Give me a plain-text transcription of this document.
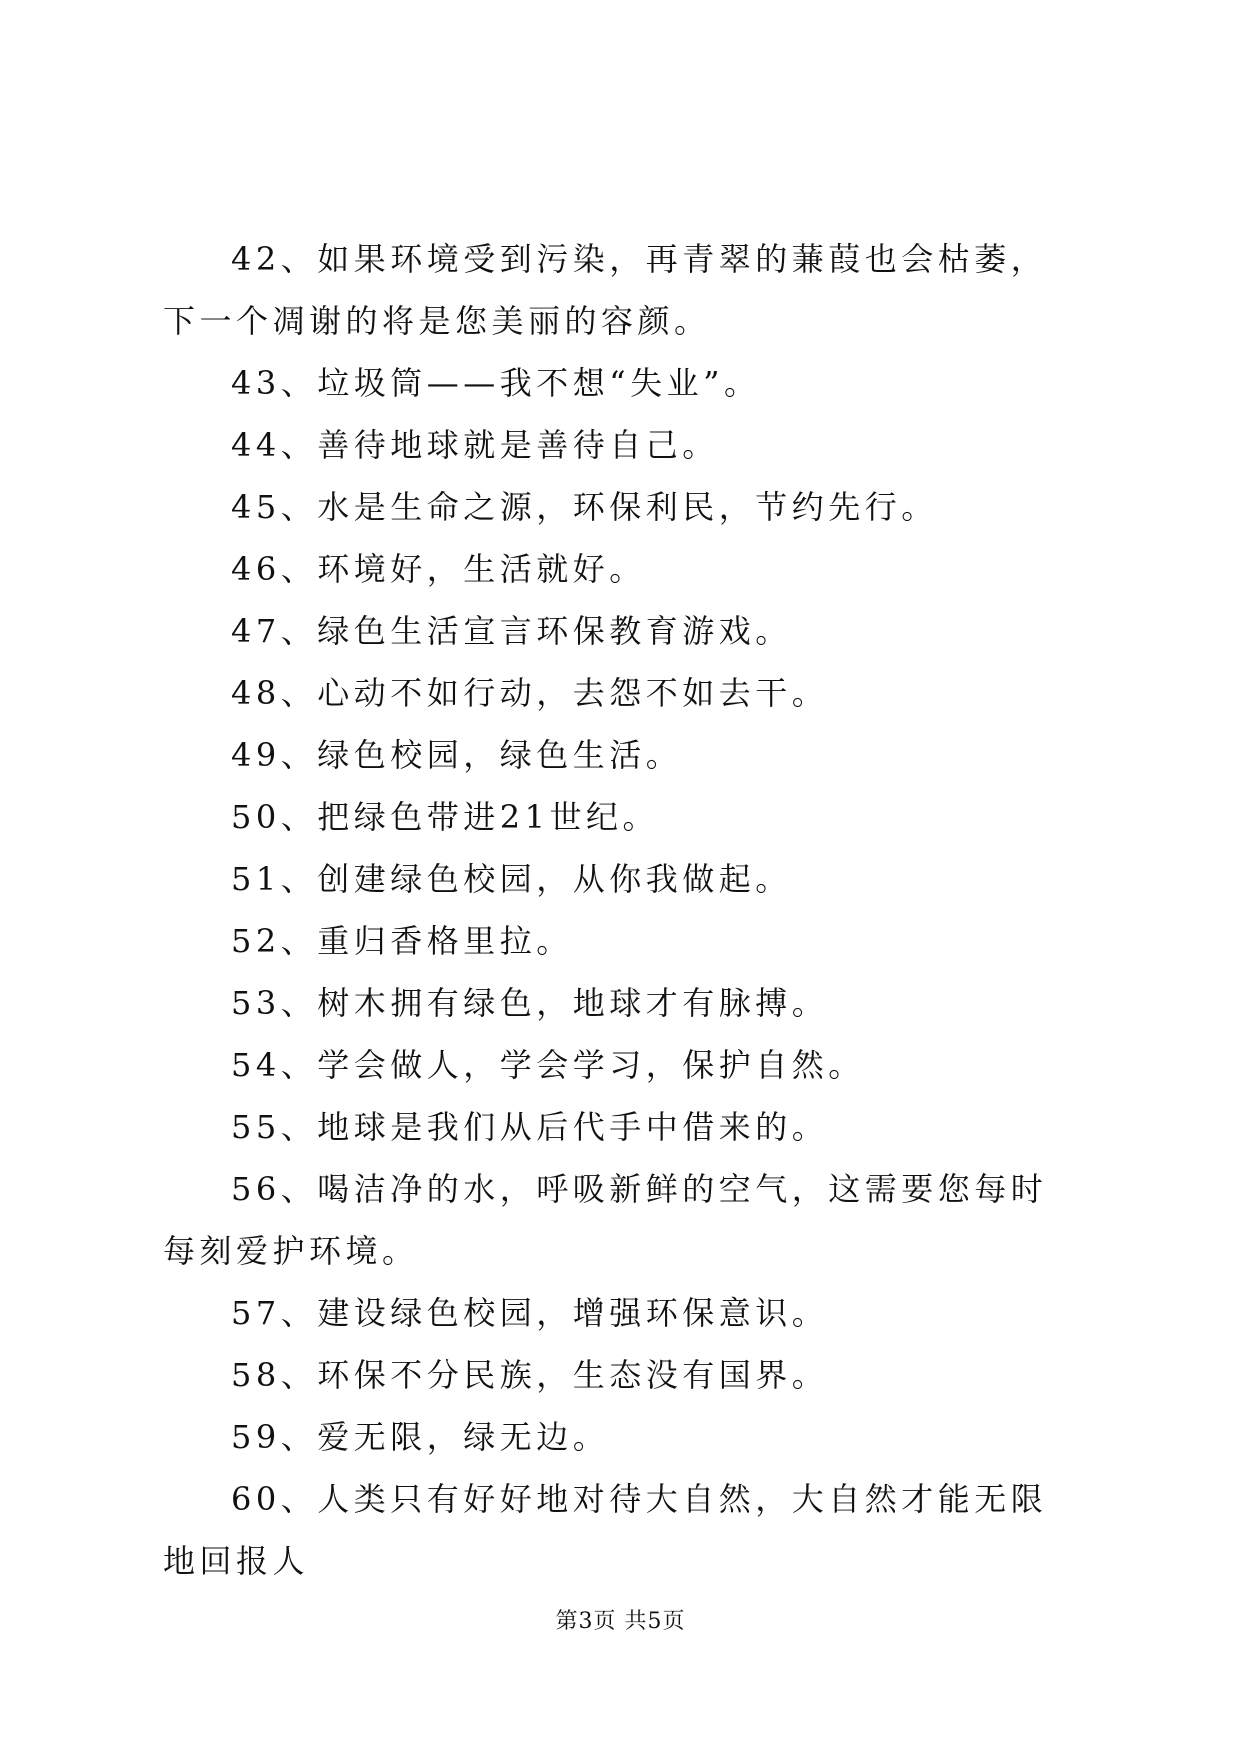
42、如果环境受到污染，再青翠的蒹葭也会枯萎，下一个凋谢的将是您美丽的容颜。

43、垃圾筒——我不想“失业”。

44、善待地球就是善待自己。

45、水是生命之源，环保利民，节约先行。

46、环境好，生活就好。

47、绿色生活宣言环保教育游戏。

48、心动不如行动，去怨不如去干。

49、绿色校园，绿色生活。

50、把绿色带进21世纪。

51、创建绿色校园，从你我做起。

52、重归香格里拉。

53、树木拥有绿色，地球才有脉搏。

54、学会做人，学会学习，保护自然。

55、地球是我们从后代手中借来的。

56、喝洁净的水，呼吸新鲜的空气，这需要您每时每刻爱护环境。

57、建设绿色校园，增强环保意识。

58、环保不分民族，生态没有国界。

59、爱无限，绿无边。

60、人类只有好好地对待大自然，大自然才能无限地回报人

第3页 共5页
